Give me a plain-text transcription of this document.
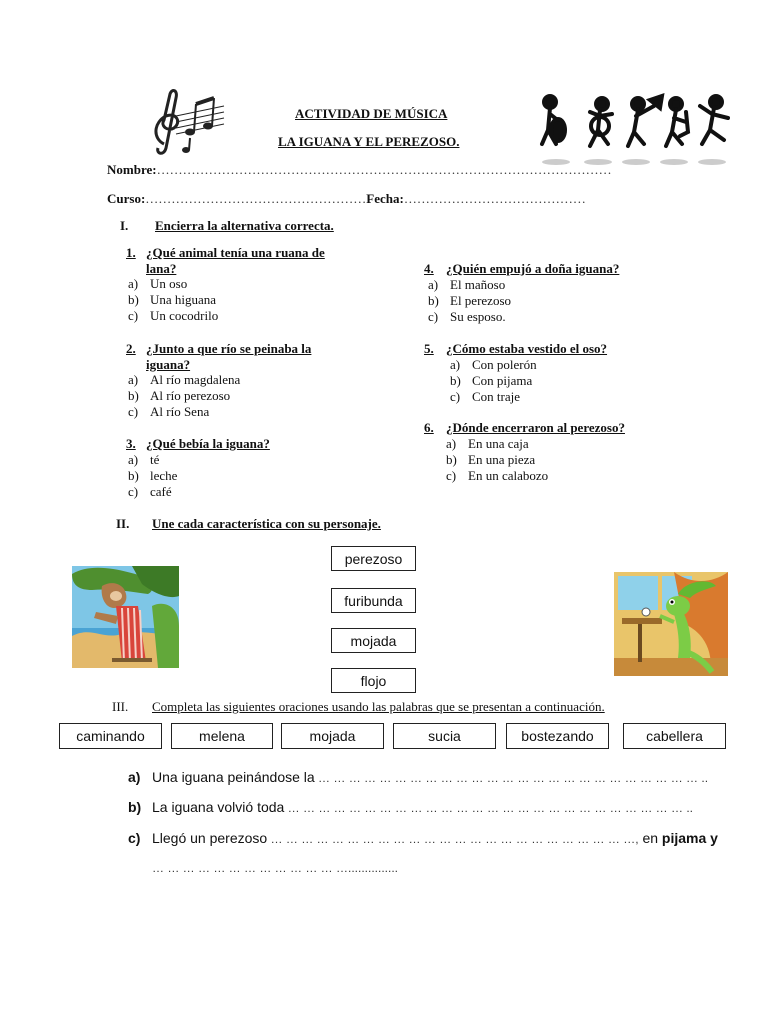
ACTIVIDAD DE MÚSICA
LA IGUANA Y EL PEREZOSO.
Nombre:……………………………………………………………………………………………
Curso:……………………………………………Fecha:……………………………………
I. Encierra la alternativa correcta.
1. ¿Qué animal tenía una ruana de lana?
a) Un oso
b) Una higuana
c) Un cocodrilo
2. ¿Junto a que río se peinaba la iguana?
a) Al río magdalena
b) Al río perezoso
c) Al río Sena
3. ¿Qué bebía la iguana?
a) té
b) leche
c) café
4. ¿Quién empujó a doña iguana?
a) El mañoso
b) El perezoso
c) Su esposo.
5. ¿Cómo estaba vestido el oso?
a) Con polerón
b) Con pijama
c) Con traje
6. ¿Dónde encerraron al perezoso?
a) En una caja
b) En una pieza
c) En un calabozo
II. Une cada característica con su personaje.
perezoso
furibunda
mojada
flojo
III. Completa las siguientes oraciones usando las palabras que se presentan a continuación.
caminando	melena	mojada	sucia	bostezando	cabellera
a) Una iguana peinándose la … … … … … … … … … … … … … … … … … … … … … … … … … ..
b) La iguana volvió toda … … … … … … … … … … … … … … … … … … … … … … … … … … ..
c) Llegó un perezoso … … … … … … … … … … … … … … … … … … … … … … … …, en pijama y
… … … … … … … … … … … … …...............
